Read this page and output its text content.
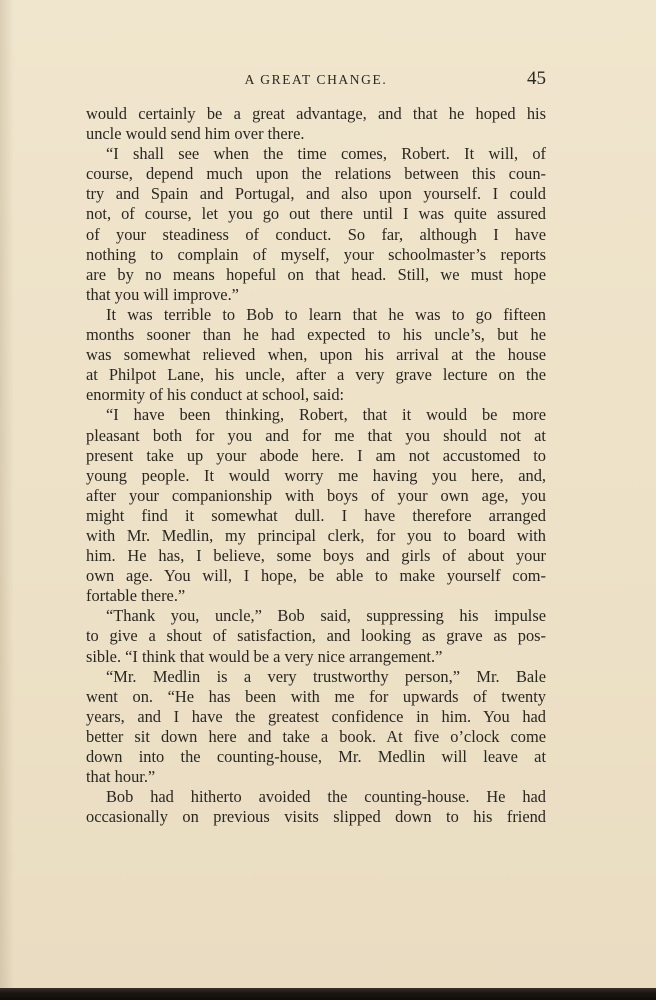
A GREAT CHANGE.	45
would certainly be a great advantage, and that he hoped his
uncle would send him over there.
“I shall see when the time comes, Robert. It will, of
course, depend much upon the relations between this coun-
try and Spain and Portugal, and also upon yourself. I could
not, of course, let you go out there until I was quite assured
of your steadiness of conduct. So far, although I have
nothing to complain of myself, your schoolmaster’s reports
are by no means hopeful on that head. Still, we must hope
that you will improve.”
It was terrible to Bob to learn that he was to go fifteen
months sooner than he had expected to his uncle’s, but he
was somewhat relieved when, upon his arrival at the house
at Philpot Lane, his uncle, after a very grave lecture on the
enormity of his conduct at school, said:
“I have been thinking, Robert, that it would be more
pleasant both for you and for me that you should not at
present take up your abode here. I am not accustomed to
young people. It would worry me having you here, and,
after your companionship with boys of your own age, you
might find it somewhat dull. I have therefore arranged
with Mr. Medlin, my principal clerk, for you to board with
him. He has, I believe, some boys and girls of about your
own age. You will, I hope, be able to make yourself com-
fortable there.”
“Thank you, uncle,” Bob said, suppressing his impulse
to give a shout of satisfaction, and looking as grave as pos-
sible. “I think that would be a very nice arrangement.”
“Mr. Medlin is a very trustworthy person,” Mr. Bale
went on. “He has been with me for upwards of twenty
years, and I have the greatest confidence in him. You had
better sit down here and take a book. At five o’clock come
down into the counting-house, Mr. Medlin will leave at
that hour.”
Bob had hitherto avoided the counting-house. He had
occasionally on previous visits slipped down to his friend
